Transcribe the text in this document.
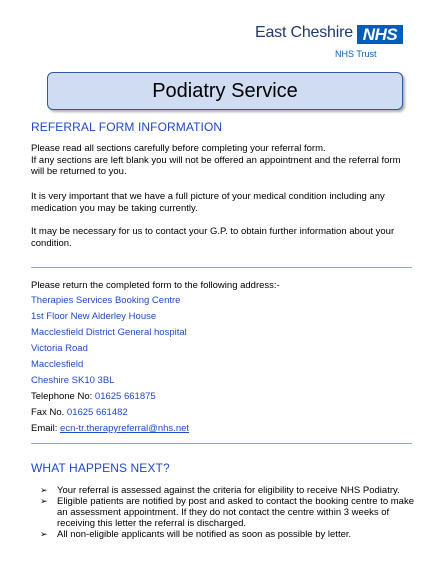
East Cheshire NHS
NHS Trust
Podiatry Service
REFERRAL FORM INFORMATION

Please read all sections carefully before completing your referral form.

If any sections are left blank you will not be offered an appointment and the referral form will be returned to you.

It is very important that we have a full picture of your medical condition including any medication you may be taking currently.

It may be necessary for us to contact your G.P. to obtain further information about your condition.

Please return the completed form to the following address:-
Therapies Services Booking Centre
1st Floor New Alderley House
Macclesfield District General hospital
Victoria Road
Macclesfield
Cheshire SK10 3BL
Telephone No: 01625 661875
Fax No. 01625 661482
Email: ecn-tr.therapyreferral@nhs.net
WHAT HAPPENS NEXT?
➢ Your referral is assessed against the criteria for eligibility to receive NHS Podiatry.
➢ Eligible patients are notified by post and asked to contact the booking centre to make an assessment appointment. If they do not contact the centre within 3 weeks of receiving this letter the referral is discharged.
➢ All non-eligible applicants will be notified as soon as possible by letter.
